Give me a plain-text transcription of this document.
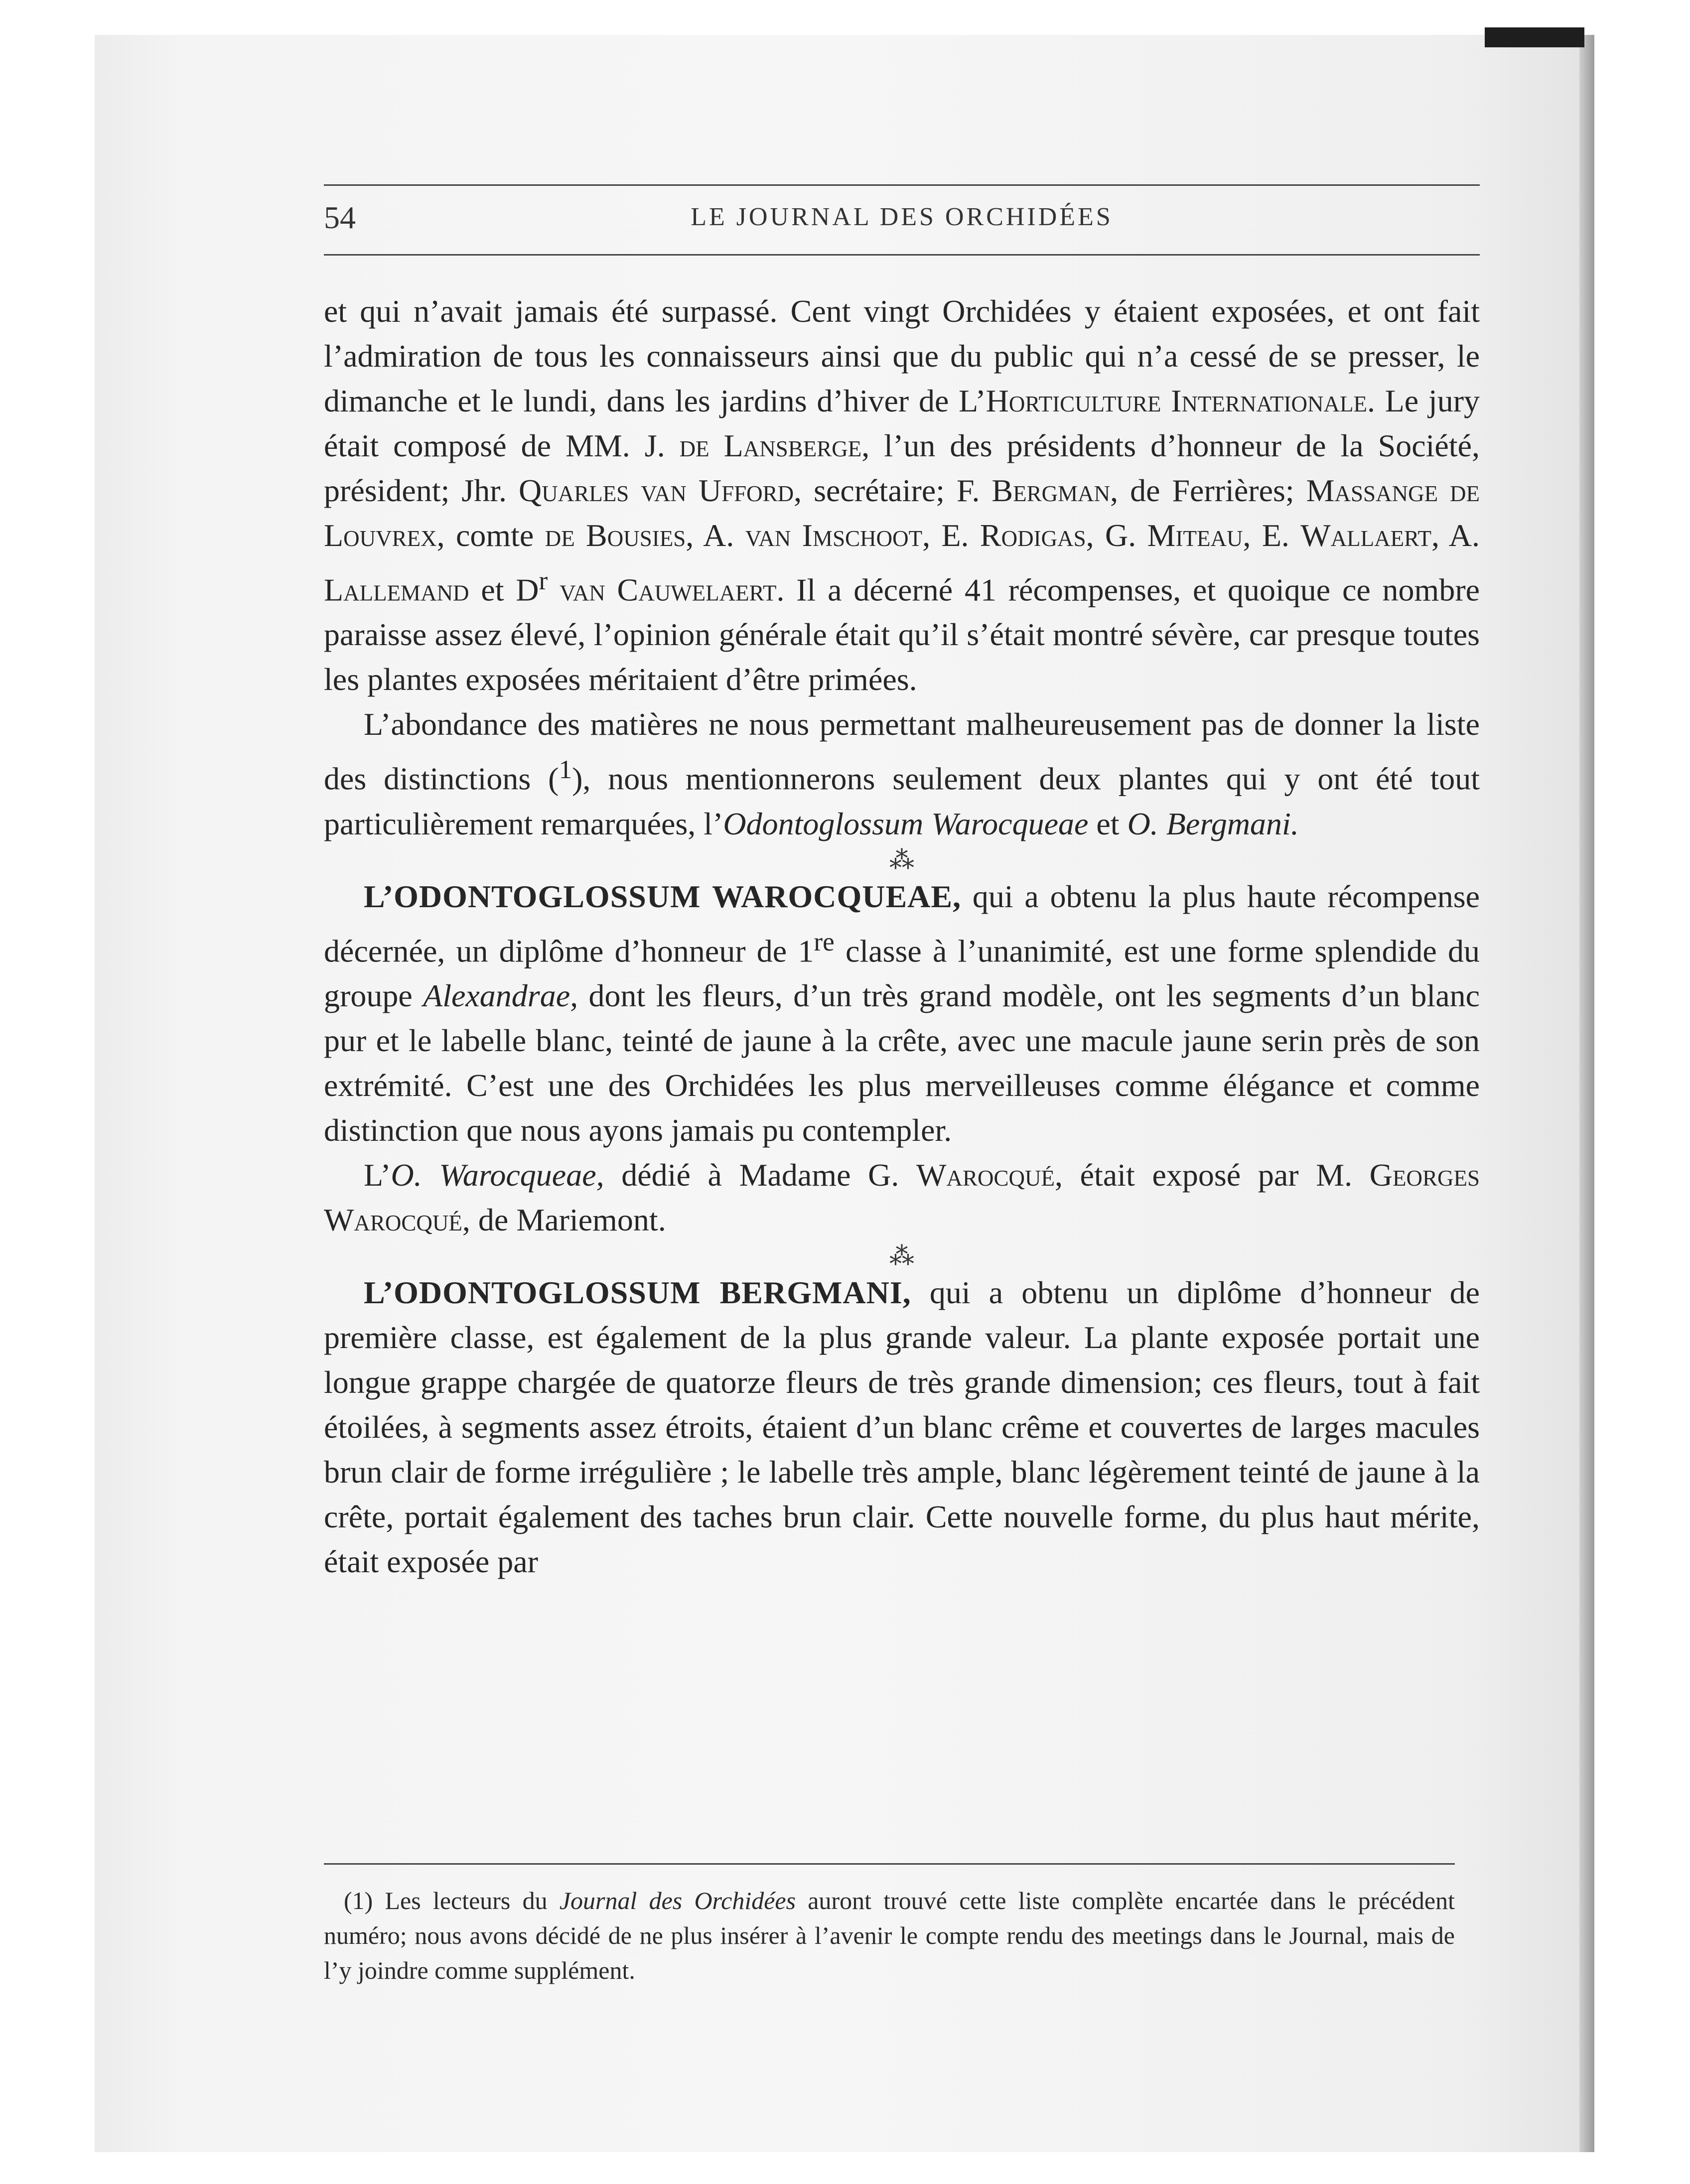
54	LE JOURNAL DES ORCHIDÉES

et qui n’avait jamais été surpassé. Cent vingt Orchidées y étaient exposées, et ont fait l’admiration de tous les connaisseurs ainsi que du public qui n’a cessé de se presser, le dimanche et le lundi, dans les jardins d’hiver de L’Horticulture Internationale. Le jury était composé de MM. J. de Lansberge, l’un des présidents d’honneur de la Société, président; Jhr. Quarles van Ufford, secrétaire; F. Bergman, de Ferrières; Massange de Louvrex, comte de Bousies, A. van Imschoot, E. Rodigas, G. Miteau, E. Wallaert, A. Lallemand et $D^r$ van Cauwelaert. Il a décerné 41 récompenses, et quoique ce nombre paraisse assez élevé, l’opinion générale était qu’il s’était montré sévère, car presque toutes les plantes exposées méritaient d’être primées.

L’abondance des matières ne nous permettant malheureusement pas de donner la liste des distinctions ($^1$), nous mentionnerons seulement deux plantes qui y ont été tout particulièrement remarquées, l’Odontoglossum Warocqueae et O. Bergmani.

⁂

L’ODONTOGLOSSUM WAROCQUEAE, qui a obtenu la plus haute récompense décernée, un diplôme d’honneur de 1re classe à l’unanimité, est une forme splendide du groupe Alexandrae, dont les fleurs, d’un très grand modèle, ont les segments d’un blanc pur et le labelle blanc, teinté de jaune à la crête, avec une macule jaune serin près de son extrémité. C’est une des Orchidées les plus merveilleuses comme élégance et comme distinction que nous ayons jamais pu contempler.

L’O. Warocqueae, dédié à Madame G. Warocqué, était exposé par M. Georges Warocqué, de Mariemont.

⁂

L’ODONTOGLOSSUM BERGMANI, qui a obtenu un diplôme d’honneur de première classe, est également de la plus grande valeur. La plante exposée portait une longue grappe chargée de quatorze fleurs de très grande dimension; ces fleurs, tout à fait étoilées, à segments assez étroits, étaient d’un blanc crême et couvertes de larges macules brun clair de forme irrégulière ; le labelle très ample, blanc légèrement teinté de jaune à la crête, portait également des taches brun clair. Cette nouvelle forme, du plus haut mérite, était exposée par

(1) Les lecteurs du Journal des Orchidées auront trouvé cette liste complète encartée dans le précédent numéro; nous avons décidé de ne plus insérer à l’avenir le compte rendu des meetings dans le Journal, mais de l’y joindre comme supplément.
